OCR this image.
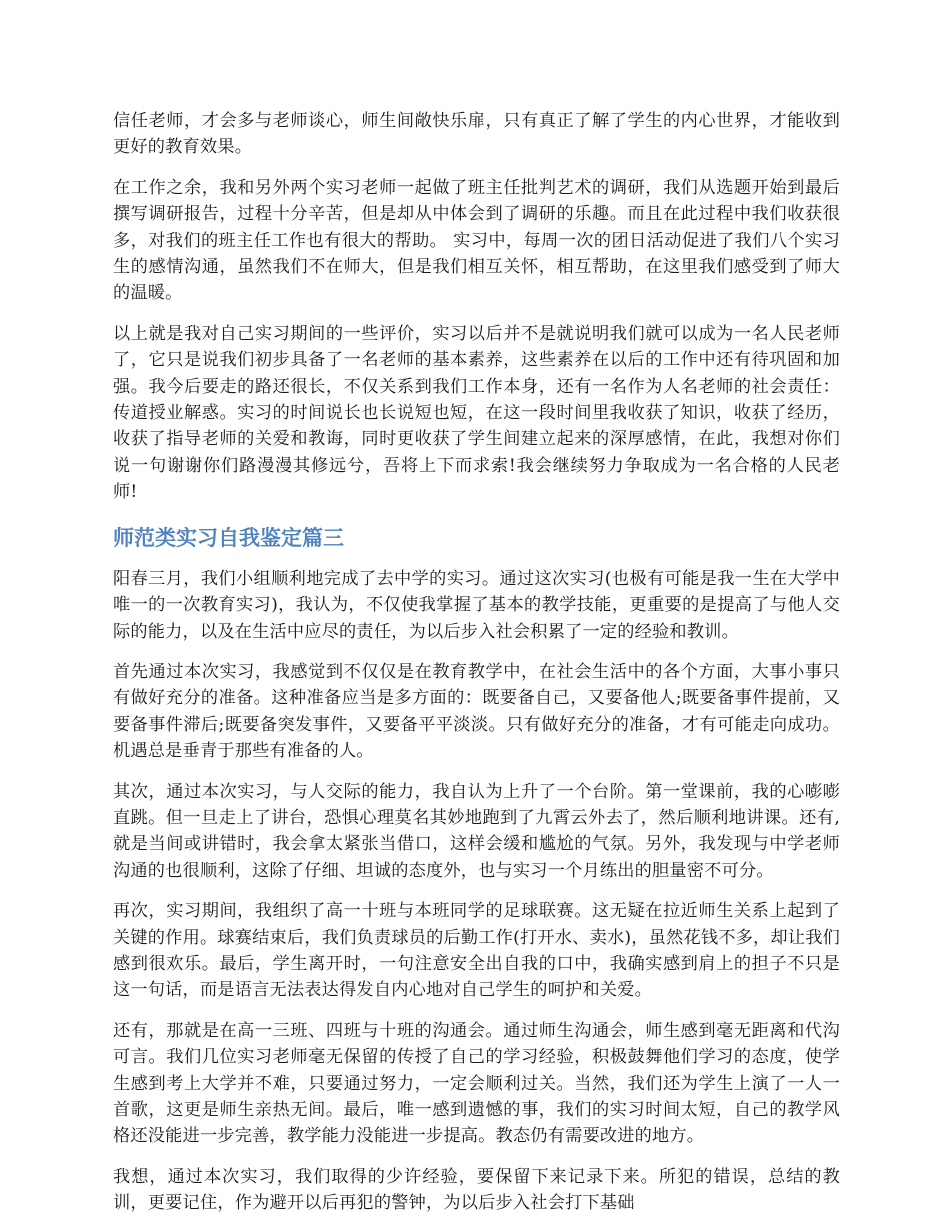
信任老师，才会多与老师谈心，师生间敞快乐扉，只有真正了解了学生的内心世界，才能收到更好的教育效果。

在工作之余，我和另外两个实习老师一起做了班主任批判艺术的调研，我们从选题开始到最后撰写调研报告，过程十分辛苦，但是却从中体会到了调研的乐趣。而且在此过程中我们收获很多，对我们的班主任工作也有很大的帮助。 实习中，每周一次的团日活动促进了我们八个实习生的感情沟通，虽然我们不在师大，但是我们相互关怀，相互帮助，在这里我们感受到了师大的温暖。

以上就是我对自己实习期间的一些评价，实习以后并不是就说明我们就可以成为一名人民老师了，它只是说我们初步具备了一名老师的基本素养，这些素养在以后的工作中还有待巩固和加强。我今后要走的路还很长，不仅关系到我们工作本身，还有一名作为人名老师的社会责任：传道授业解惑。实习的时间说长也长说短也短，在这一段时间里我收获了知识，收获了经历，收获了指导老师的关爱和教诲，同时更收获了学生间建立起来的深厚感情，在此，我想对你们说一句谢谢你们路漫漫其修远兮，吾将上下而求索!我会继续努力争取成为一名合格的人民老师!

师范类实习自我鉴定篇三

阳春三月，我们小组顺利地完成了去中学的实习。通过这次实习(也极有可能是我一生在大学中唯一的一次教育实习)，我认为，不仅使我掌握了基本的教学技能，更重要的是提高了与他人交际的能力，以及在生活中应尽的责任，为以后步入社会积累了一定的经验和教训。

首先通过本次实习，我感觉到不仅仅是在教育教学中，在社会生活中的各个方面，大事小事只有做好充分的准备。这种准备应当是多方面的：既要备自己，又要备他人;既要备事件提前，又要备事件滞后;既要备突发事件，又要备平平淡淡。只有做好充分的准备，才有可能走向成功。机遇总是垂青于那些有准备的人。

其次，通过本次实习，与人交际的能力，我自认为上升了一个台阶。第一堂课前，我的心嘭嘭直跳。但一旦走上了讲台，恐惧心理莫名其妙地跑到了九霄云外去了，然后顺利地讲课。还有,就是当间或讲错时，我会拿太紧张当借口，这样会缓和尴尬的气氛。另外，我发现与中学老师沟通的也很顺利，这除了仔细、坦诚的态度外，也与实习一个月练出的胆量密不可分。

再次，实习期间，我组织了高一十班与本班同学的足球联赛。这无疑在拉近师生关系上起到了关键的作用。球赛结束后，我们负责球员的后勤工作(打开水、卖水)，虽然花钱不多，却让我们感到很欢乐。最后，学生离开时，一句注意安全出自我的口中，我确实感到肩上的担子不只是这一句话，而是语言无法表达得发自内心地对自己学生的呵护和关爱。

还有，那就是在高一三班、四班与十班的沟通会。通过师生沟通会，师生感到毫无距离和代沟可言。我们几位实习老师毫无保留的传授了自己的学习经验，积极鼓舞他们学习的态度，使学生感到考上大学并不难，只要通过努力，一定会顺利过关。当然，我们还为学生上演了一人一首歌，这更是师生亲热无间。最后，唯一感到遗憾的事，我们的实习时间太短，自己的教学风格还没能进一步完善，教学能力没能进一步提高。教态仍有需要改进的地方。

我想，通过本次实习，我们取得的少许经验，要保留下来记录下来。所犯的错误，总结的教训，更要记住，作为避开以后再犯的警钟，为以后步入社会打下基础
